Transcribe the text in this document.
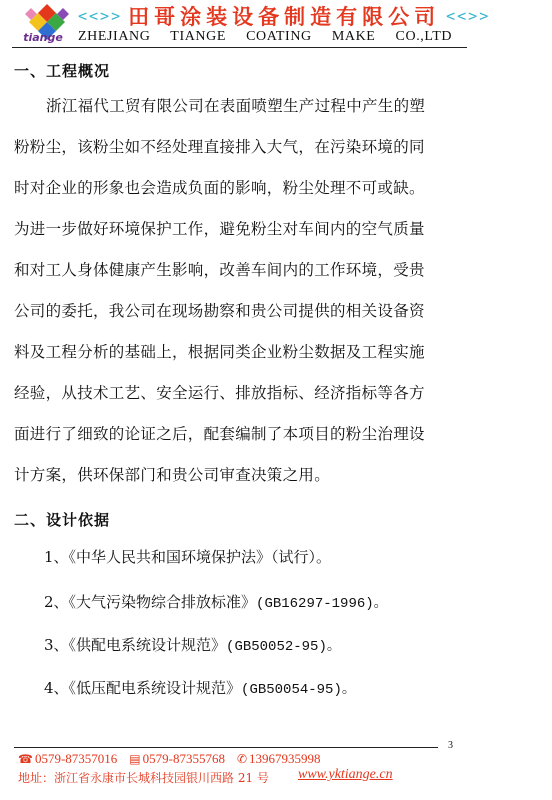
tiange
<<>> 田哥涂装设备制造有限公司 <<>>
ZHEJIANG TIANGE COATING MAKE CO.,LTD
一、工程概况
浙江福代工贸有限公司在表面喷塑生产过程中产生的塑
粉粉尘，该粉尘如不经处理直接排入大气，在污染环境的同
时对企业的形象也会造成负面的影响，粉尘处理不可或缺。
为进一步做好环境保护工作，避免粉尘对车间内的空气质量
和对工人身体健康产生影响，改善车间内的工作环境，受贵
公司的委托，我公司在现场勘察和贵公司提供的相关设备资
料及工程分析的基础上，根据同类企业粉尘数据及工程实施
经验，从技术工艺、安全运行、排放指标、经济指标等各方
面进行了细致的论证之后，配套编制了本项目的粉尘治理设
计方案，供环保部门和贵公司审查决策之用。
二、设计依据
1、《中华人民共和国环境保护法》（试行）。
2、《大气污染物综合排放标准》(GB16297-1996)。
3、《供配电系统设计规范》(GB50052-95)。
4、《低压配电系统设计规范》(GB50054-95)。
3
☎ 0579-87357016 ▤ 0579-87355768 ✆ 13967935998
地址：浙江省永康市长城科技园银川西路 21 号 www.yktiange.cn
